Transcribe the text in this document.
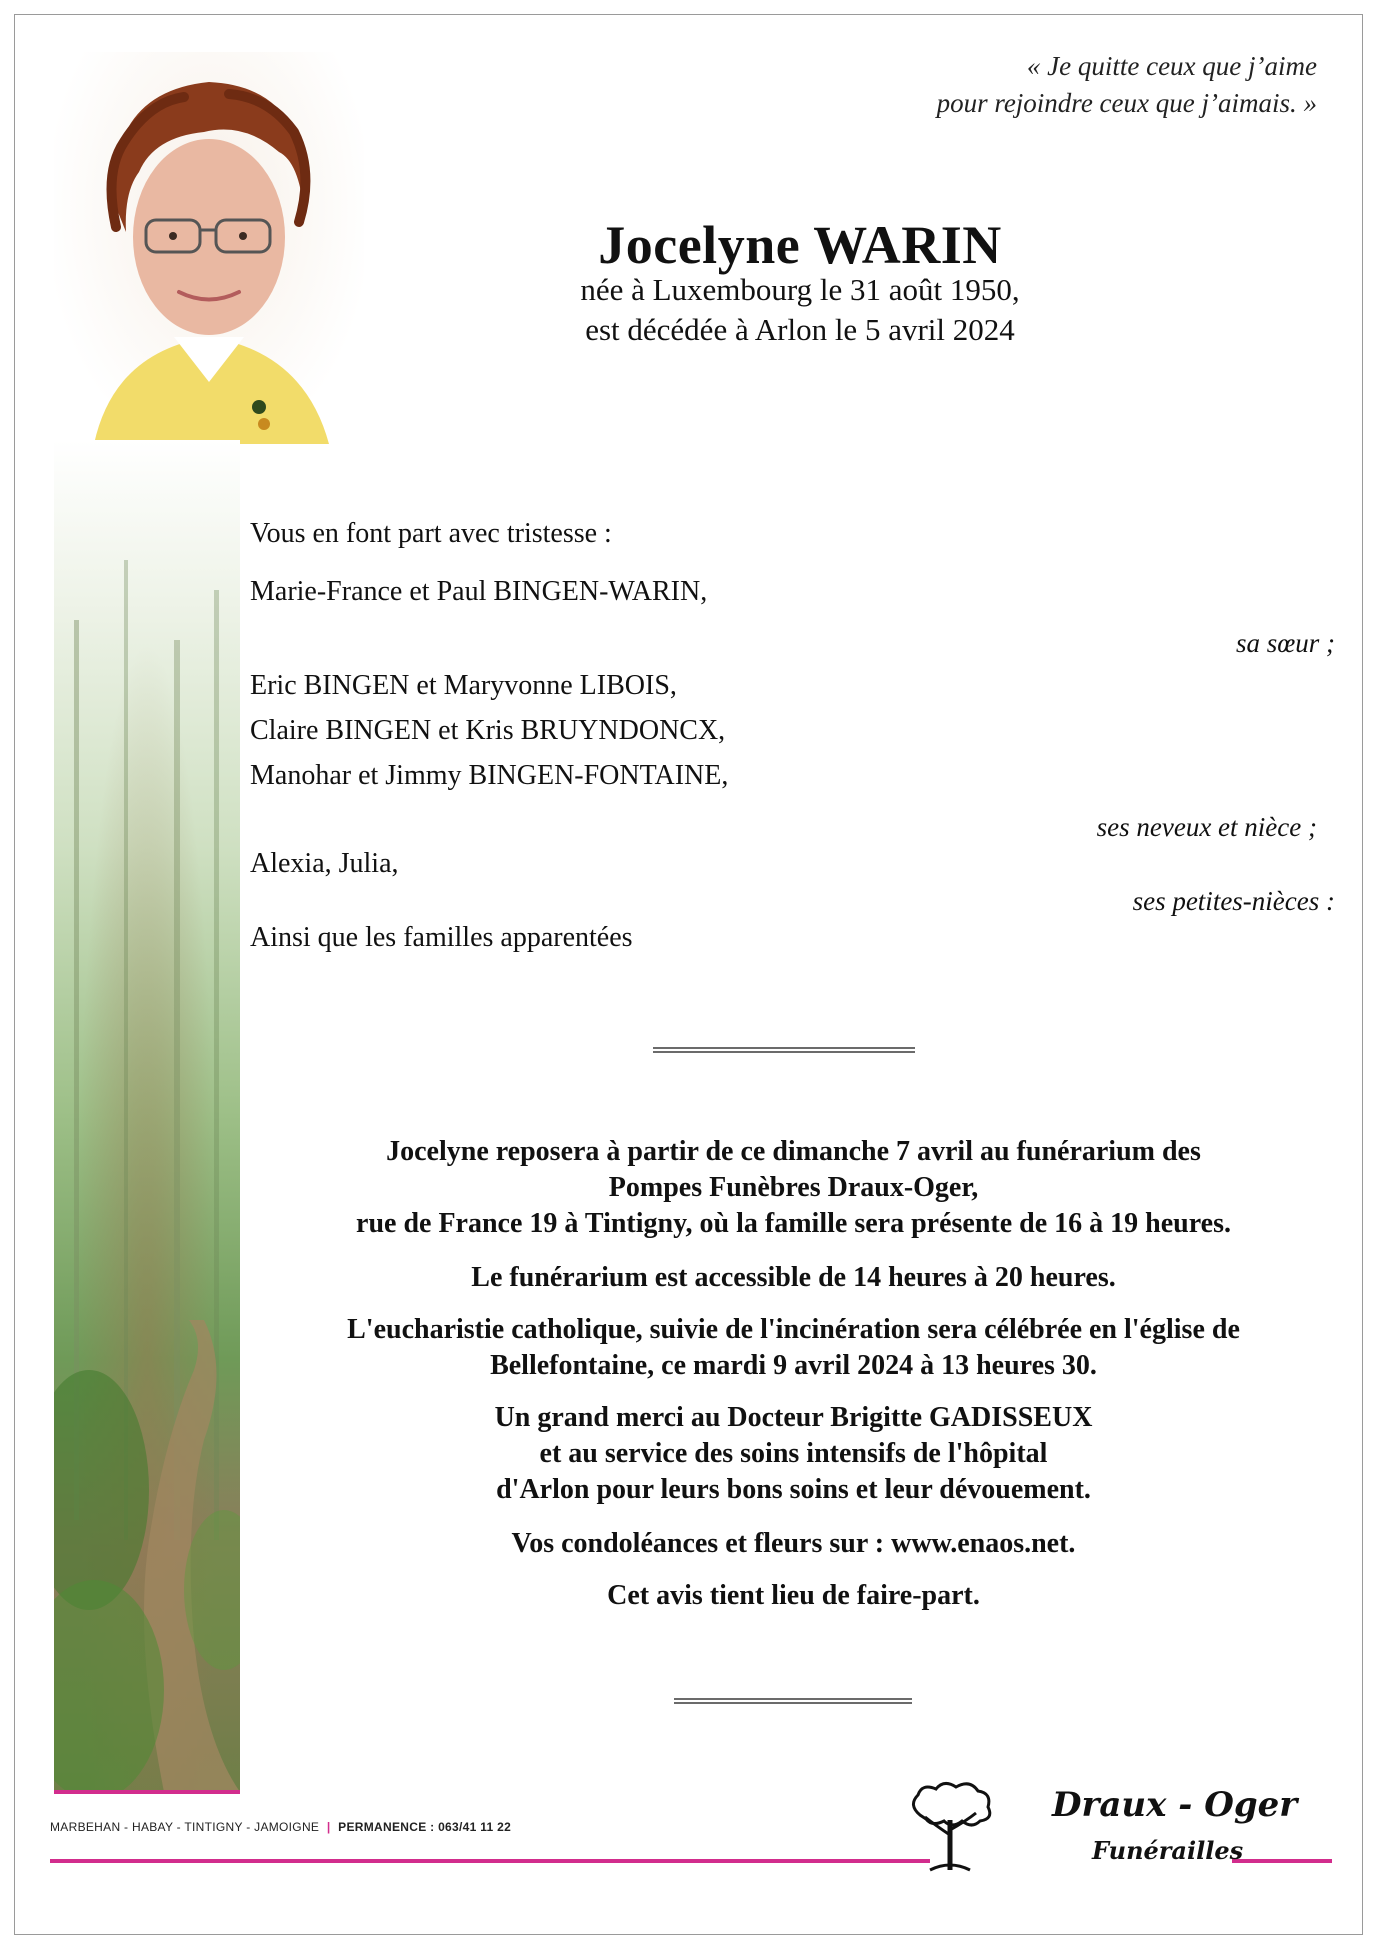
« Je quitte ceux que j’aime
pour rejoindre ceux que j’aimais. »
Jocelyne WARIN
née à Luxembourg le 31 août 1950,
est décédée à Arlon le 5 avril 2024
Vous en font part avec tristesse :
Marie-France et Paul BINGEN-WARIN,
sa sœur ;
Eric BINGEN et Maryvonne LIBOIS,
Claire BINGEN et Kris BRUYNDONCX,
Manohar et Jimmy BINGEN-FONTAINE,
ses neveux et nièce ;
Alexia, Julia,
ses petites-nièces :
Ainsi que les familles apparentées
Jocelyne reposera à partir de ce dimanche 7 avril au funérarium des
Pompes Funèbres Draux-Oger,
rue de France 19 à Tintigny, où la famille sera présente de 16 à 19 heures.
Le funérarium est accessible de 14 heures à 20 heures.
L'eucharistie catholique, suivie de l'incinération sera célébrée en l'église de
Bellefontaine, ce mardi 9 avril 2024 à 13 heures 30.
Un grand merci au Docteur Brigitte GADISSEUX
et au service des soins intensifs de l'hôpital
d'Arlon pour leurs bons soins et leur dévouement.
Vos condoléances et fleurs sur : www.enaos.net.
Cet avis tient lieu de faire-part.
MARBEHAN - HABAY - TINTIGNY - JAMOIGNE | PERMANENCE : 063/41 11 22
Draux - Oger
Funérailles
